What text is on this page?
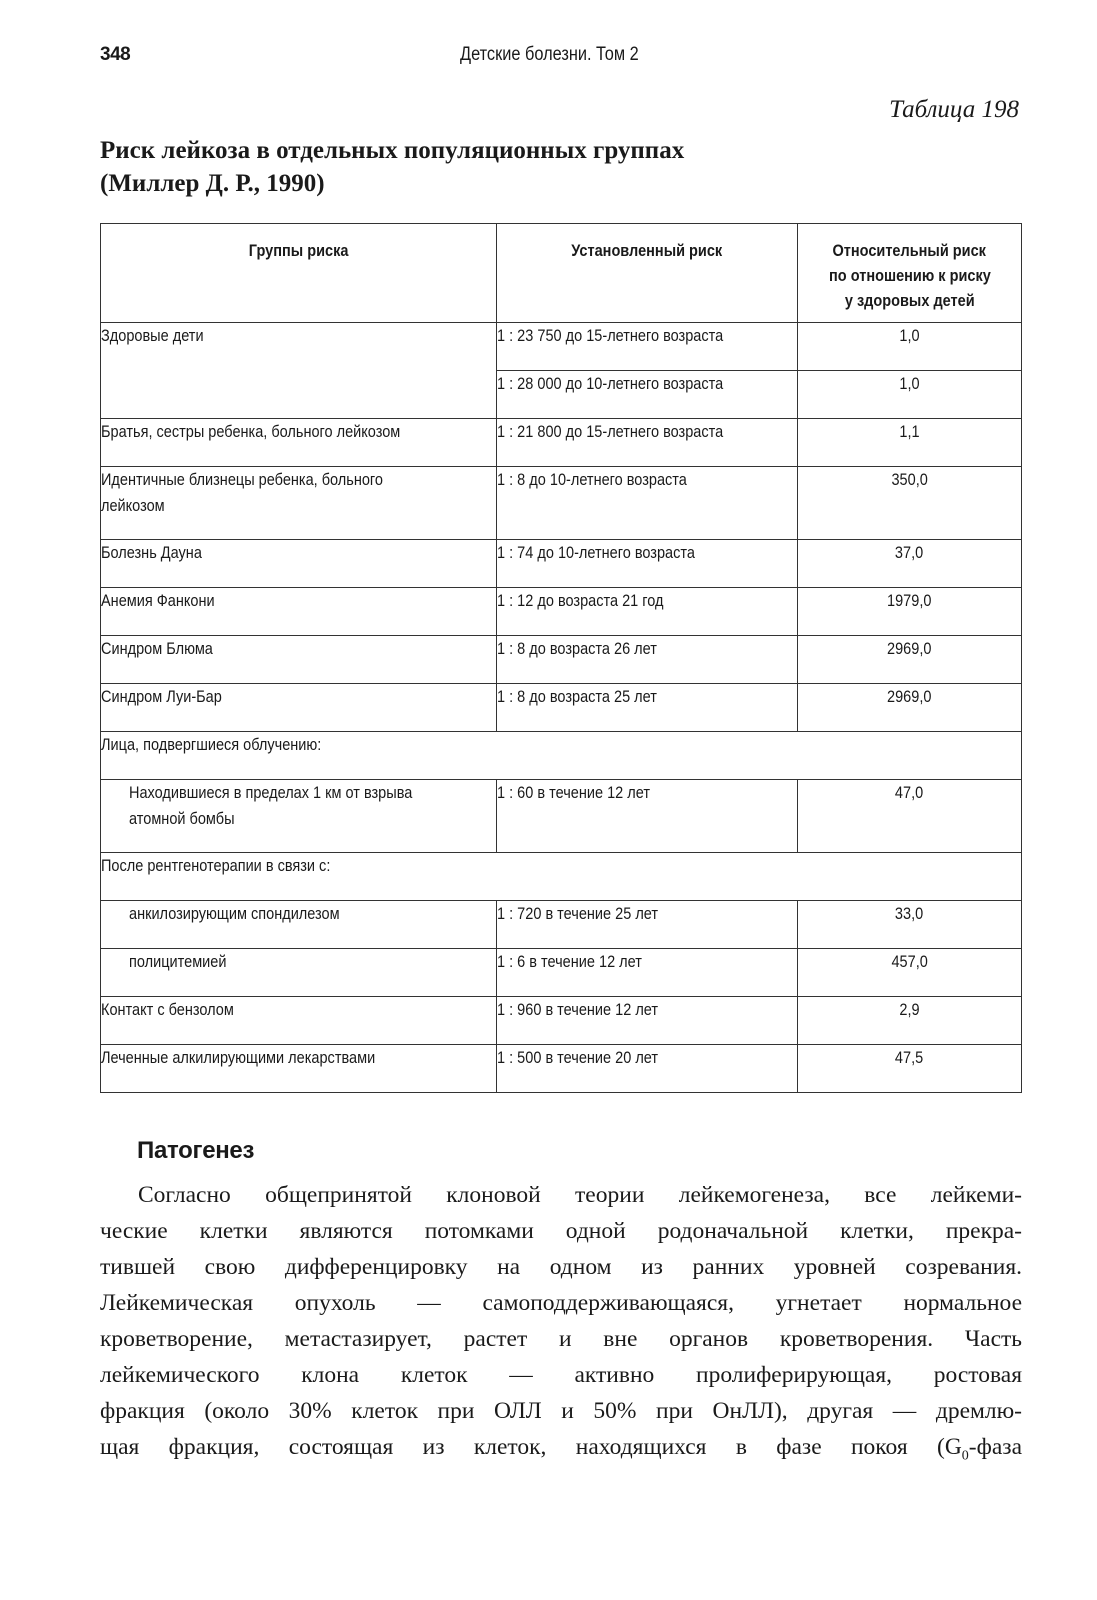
348	Детские болезни. Том 2
Таблица 198
Риск лейкоза в отдельных популяционных группах
(Миллер Д. Р., 1990)
Группы риска	Установленный риск	Относительный риск
по отношению к риску
у здоровых детей
Здоровые дети	1 : 23 750 до 15-летнего возраста	1,0
	1 : 28 000 до 10-летнего возраста	1,0
Братья, сестры ребенка, больного лейкозом	1 : 21 800 до 15-летнего возраста	1,1
Идентичные близнецы ребенка, больного
лейкозом	1 : 8 до 10-летнего возраста	350,0
Болезнь Дауна	1 : 74 до 10-летнего возраста	37,0
Анемия Фанкони	1 : 12 до возраста 21 год	1979,0
Синдром Блюма	1 : 8 до возраста 26 лет	2969,0
Синдром Луи-Бар	1 : 8 до возраста 25 лет	2969,0
Лица, подвергшиеся облучению:		
Находившиеся в пределах 1 км от взрыва
атомной бомбы	1 : 60 в течение 12 лет	47,0
После рентгенотерапии в связи с:		
анкилозирующим спондилезом	1 : 720 в течение 25 лет	33,0
полицитемией	1 : 6 в течение 12 лет	457,0
Контакт с бензолом	1 : 960 в течение 12 лет	2,9
Леченные алкилирующими лекарствами	1 : 500 в течение 20 лет	47,5
Патогенез
Согласно общепринятой клоновой теории лейкемогенеза, все лейкеми-
ческие клетки являются потомками одной родоначальной клетки, прекра-
тившей свою дифференцировку на одном из ранних уровней созревания.
Лейкемическая опухоль — самоподдерживающаяся, угнетает нормальное
кроветворение, метастазирует, растет и вне органов кроветворения. Часть
лейкемического клона клеток — активно пролиферирующая, ростовая
фракция (около 30% клеток при ОЛЛ и 50% при ОнЛЛ), другая — дремлю-
щая фракция, состоящая из клеток, находящихся в фазе покоя ($G_0$-фаза
